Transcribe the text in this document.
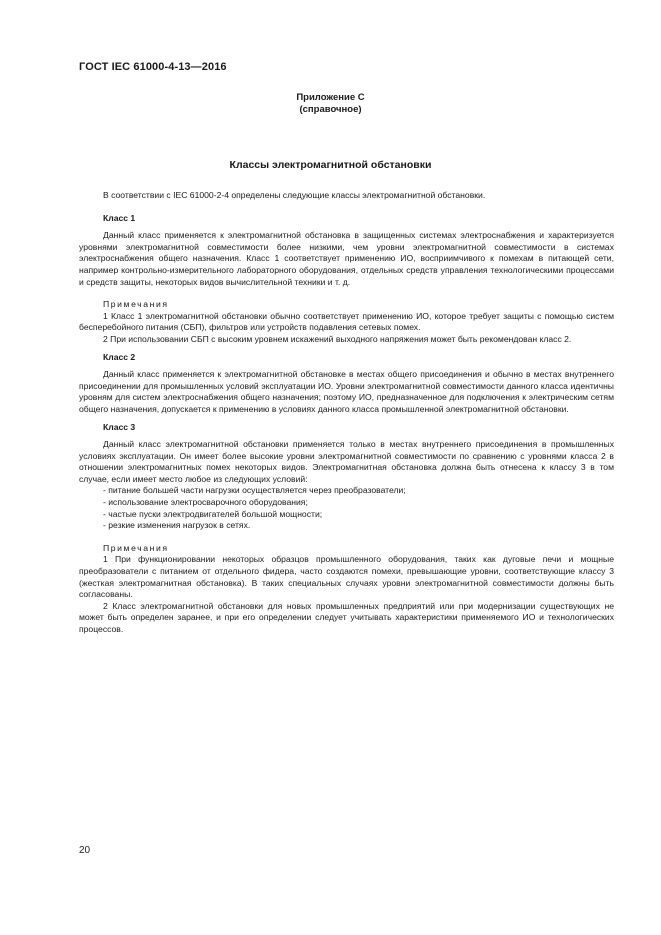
ГОСТ IEC 61000-4-13—2016
Приложение C
(справочное)
Классы электромагнитной обстановки

В соответствии с IEC 61000-2-4 определены следующие классы электромагнитной обстановки.

Класс 1

Данный класс применяется к электромагнитной обстановка в защищенных системах электроснабжения и характеризуется уровнями электромагнитной совместимости более низкими, чем уровни электромагнитной совместимости в системах электроснабжения общего назначения. Класс 1 соответствует применению ИО, восприимчивого к помехам в питающей сети, например контрольно-измерительного лабораторного оборудования, отдельных средств управления технологическими процессами и средств защиты, некоторых видов вычислительной техники и т. д.

Примечания

1 Класс 1 электромагнитной обстановки обычно соответствует применению ИО, которое требует защиты с помощью систем бесперебойного питания (СБП), фильтров или устройств подавления сетевых помех.

2 При использовании СБП с высоким уровнем искажений выходного напряжения может быть рекомендован класс 2.

Класс 2

Данный класс применяется к электромагнитной обстановке в местах общего присоединения и обычно в местах внутреннего присоединении для промышленных условий эксплуатации ИО. Уровни электромагнитной совместимости данного класса идентичны уровням для систем электроснабжения общего назначения; поэтому ИО, предназначенное для подключения к электрическим сетям общего назначения, допускается к применению в условиях данного класса промышленной электромагнитной обстановки.

Класс 3

Данный класс электромагнитной обстановки применяется только в местах внутреннего присоединения в промышленных условиях эксплуатации. Он имеет более высокие уровни электромагнитной совместимости по сравнению с уровнями класса 2 в отношении электромагнитных помех некоторых видов. Электромагнитная обстановка должна быть отнесена к классу 3 в том случае, если имеет место любое из следующих условий:

- питание большей части нагрузки осуществляется через преобразователи;

- использование электросварочного оборудования;

- частые пуски электродвигателей большой мощности;

- резкие изменения нагрузок в сетях.

Примечания

1 При функционировании некоторых образцов промышленного оборудования, таких как дуговые печи и мощные преобразователи с питанием от отдельного фидера, часто создаются помехи, превышающие уровни, соответствующие классу 3 (жесткая электромагнитная обстановка). В таких специальных случаях уровни электромагнитной совместимости должны быть согласованы.

2 Класс электромагнитной обстановки для новых промышленных предприятий или при модернизации существующих не может быть определен заранее, и при его определении следует учитывать характеристики применяемого ИО и технологических процессов.

20
